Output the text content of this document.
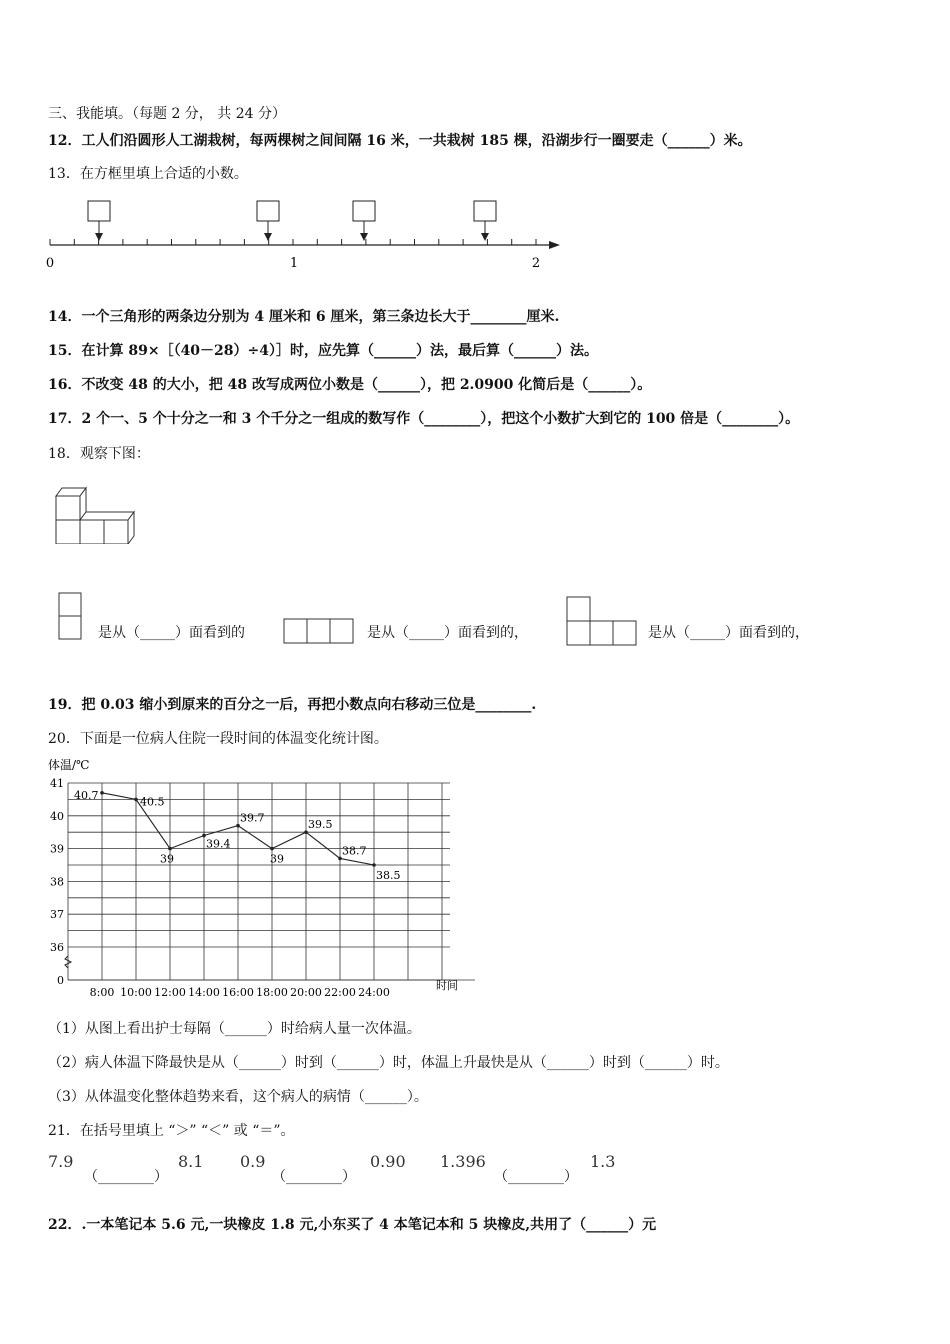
三、我能填。（每题 2 分， 共 24 分）
12．工人们沿圆形人工湖栽树，每两棵树之间间隔 16 米，一共栽树 185 棵，沿湖步行一圈要走（______）米。
13．在方框里填上合适的小数。
0	1	2
14．一个三角形的两条边分别为 4 厘米和 6 厘米，第三条边长大于________厘米.
15．在计算 89×［（40－28）÷4）］时，应先算（______）法，最后算（______）法。
16．不改变 48 的大小，把 48 改写成两位小数是（______），把 2.0900 化简后是（______）。
17．2 个一、5 个十分之一和 3 个千分之一组成的数写作（________），把这个小数扩大到它的 100 倍是（________）。
18．观察下图：
是从（_____）面看到的	是从（_____）面看到的，	是从（_____）面看到的，
19．把 0.03 缩小到原来的百分之一后，再把小数点向右移动三位是________.
20．下面是一位病人住院一段时间的体温变化统计图。
41
40
39
38
37
36
0
8:00 10:00 12:00 14:00 16:00 18:00 20:00 22:00 24:00
40.7
40.5
39
39.4
39.7
39
39.5
38.7
38.5
体温/℃
时间
（1）从图上看出护士每隔（______）时给病人量一次体温。
（2）病人体温下降最快是从（______）时到（______）时，体温上升最快是从（______）时到（______）时。
（3）从体温变化整体趋势来看，这个病人的病情（______）。
21．在括号里填上 “＞” “＜” 或 “＝”。
7.9
（________）
8.1 0.9
（________）
0.90 1.396
（________）
1.3
22．.一本笔记本 5.6 元,一块橡皮 1.8 元,小东买了 4 本笔记本和 5 块橡皮,共用了（______）元
